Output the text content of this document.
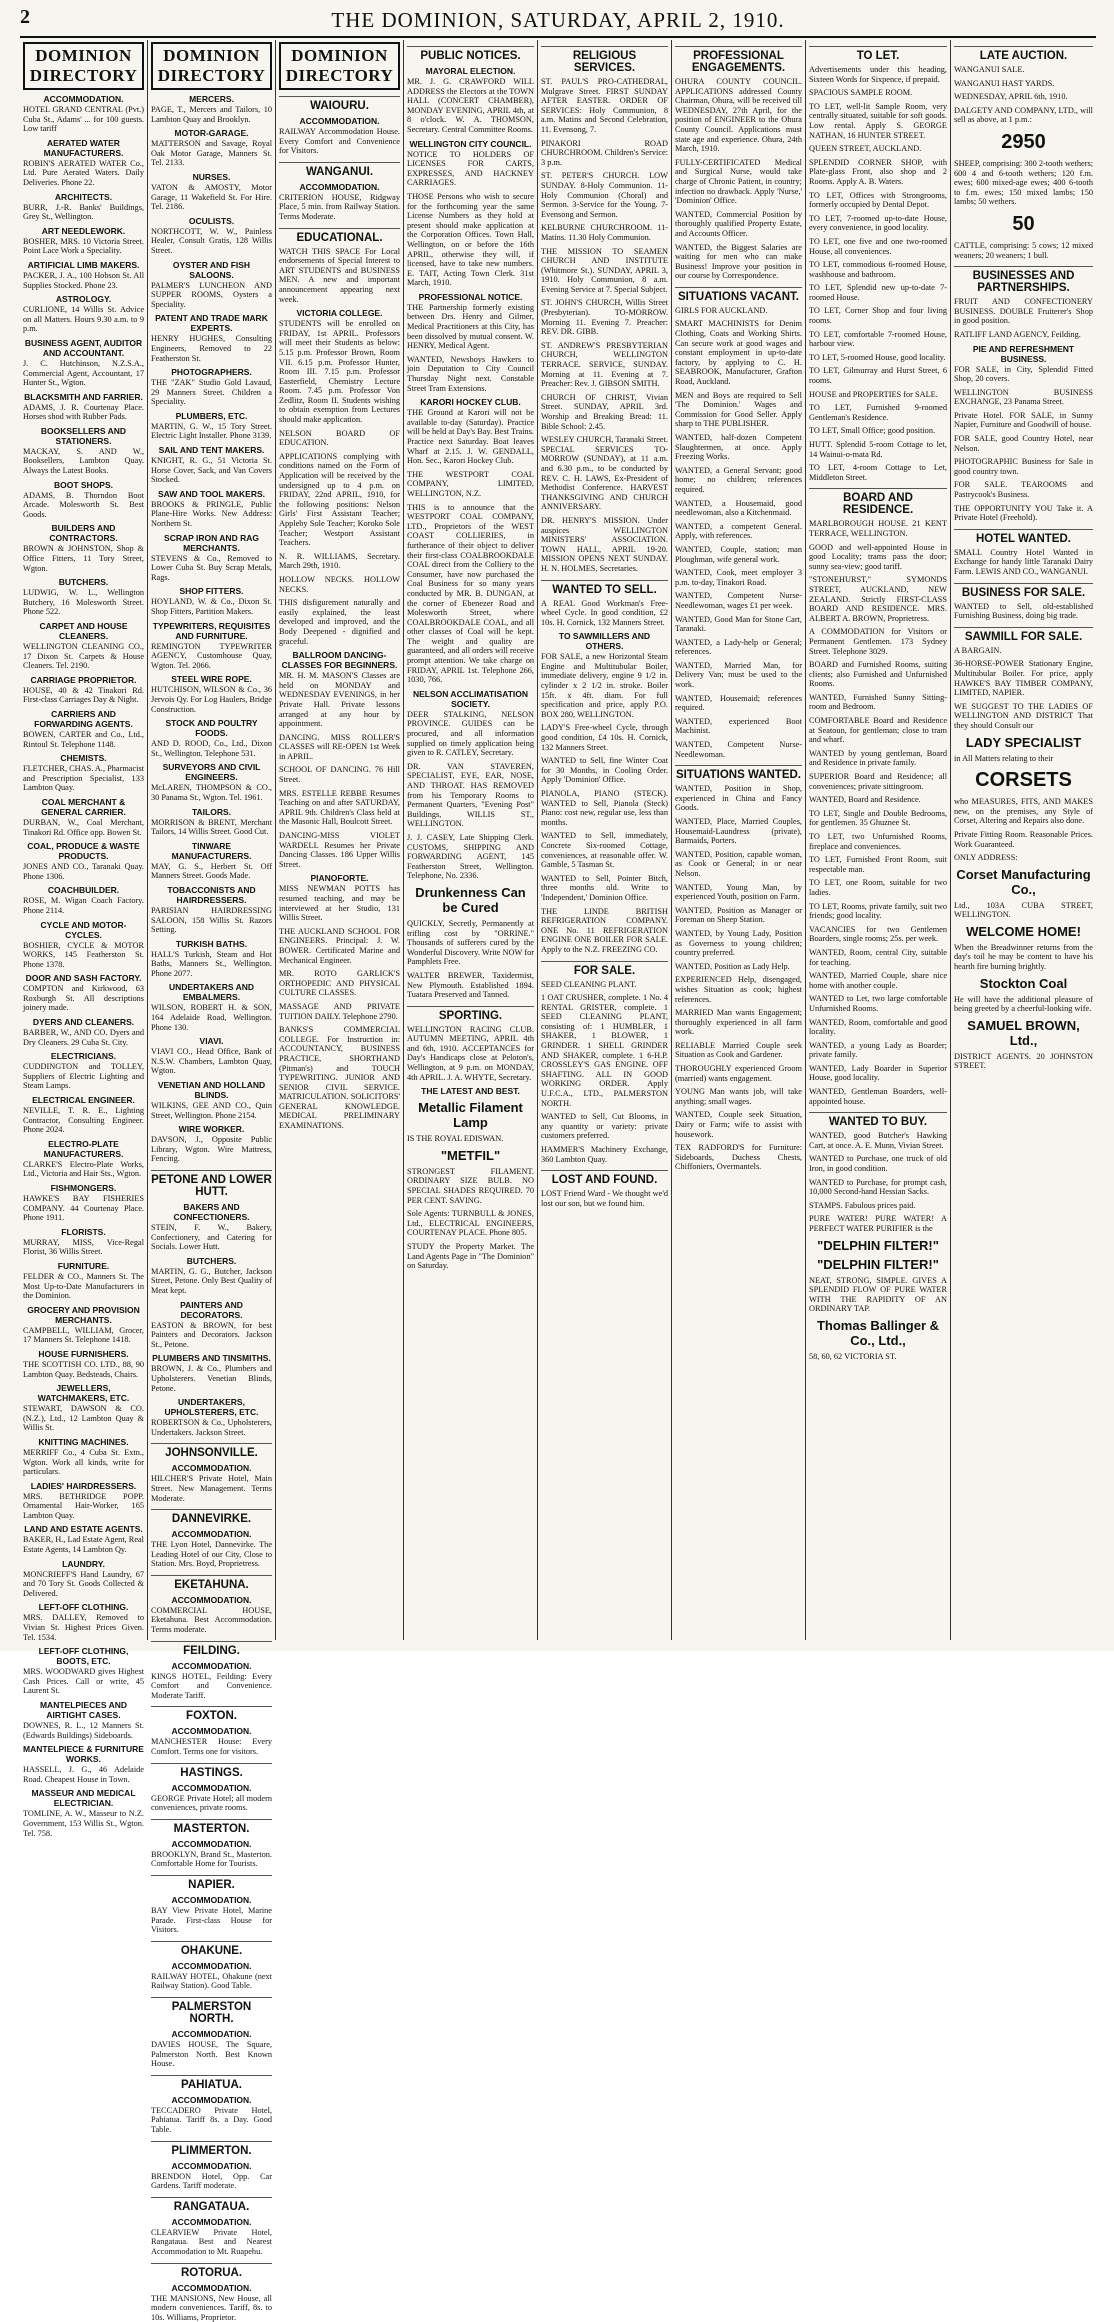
2	THE DOMINION, SATURDAY, APRIL 2, 1910.
DOMINION DIRECTORY
ACCOMMODATION.
HOTEL GRAND CENTRAL (Pvt.) Cuba St., Adams' ... for 100 guests. Low tariff
AERATED WATER MANUFACTURERS.
ROBIN'S AERATED WATER Co., Ltd. Pure Aerated Waters. Daily Deliveries. Phone 22.
ARCHITECTS.
BURR, J.-R. Banks' Buildings, Grey St., Wellington.
ART NEEDLEWORK.
BOSHER, MRS. 10 Victoria Street. Point Lace Work a Speciality.
ARTIFICIAL LIMB MAKERS.
PACKER, J. A., 100 Hobson St. All Supplies Stocked. Phone 23.
ASTROLOGY.
CURLIONE, 14 Willis St. Advice on all Matters. Hours 9.30 a.m. to 9 p.m.
BUSINESS AGENT, AUDITOR AND ACCOUNTANT.
J. C. Hutchinson, N.Z.S.A., Commercial Agent, Accountant, 17 Hunter St., Wgton.
BLACKSMITH AND FARRIER.
ADAMS, J. R. Courtenay Place. Horses shod with Rubber Pads.
BOOKSELLERS AND STATIONERS.
MACKAY, S. AND W., Booksellers, Lambton Quay. Always the Latest Books.
BOOT SHOPS.
ADAMS, B. Thorndon Boot Arcade. Molesworth St. Best Goods.
BUILDERS AND CONTRACTORS.
BROWN & JOHNSTON, Shop & Office Fitters, 11 Tory Street, Wgton.
BUTCHERS.
LUDWIG, W. L., Wellington Butchery, 16 Molesworth Street. Phone 522.
CARPET AND HOUSE CLEANERS.
WELLINGTON CLEANING CO., 17 Dixon St. Carpets & House Cleaners. Tel. 2190.
CARRIAGE PROPRIETOR.
HOUSE, 40 & 42 Tinakori Rd. First-class Carriages Day & Night.
CARRIERS AND FORWARDING AGENTS.
BOWEN, CARTER and Co., Ltd., Rintoul St. Telephone 1148.
CHEMISTS.
FLETCHER, CHAS. A., Pharmacist and Prescription Specialist, 133 Lambton Quay.
COAL MERCHANT & GENERAL CARRIER.
DURBAN, W., Coal Merchant, Tinakori Rd. Office opp. Bowen St.
COAL, PRODUCE & WASTE PRODUCTS.
JONES AND CO., Taranaki Quay. Phone 1306.
COACHBUILDER.
ROSE, M. Wigan Coach Factory. Phone 2114.
CYCLE AND MOTOR-CYCLES.
BOSHIER, CYCLE & MOTOR WORKS, 145 Featherston St. Phone 1378.
DOOR AND SASH FACTORY.
COMPTON and Kirkwood, 63 Roxburgh St. All descriptions joinery made.
DYERS AND CLEANERS.
BARBER, W., AND CO. Dyers and Dry Cleaners. 29 Cuba St. City.
ELECTRICIANS.
CUDDINGTON and TOLLEY, Suppliers of Electric Lighting and Steam Lamps.
ELECTRICAL ENGINEER.
NEVILLE, T. R. E., Lighting Contractor, Consulting Engineer. Phone 2024.
ELECTRO-PLATE MANUFACTURERS.
CLARKE'S Electro-Plate Works, Ltd., Victoria and Hair Sts., Wgton.
FISHMONGERS.
HAWKE'S BAY FISHERIES COMPANY. 44 Courtenay Place. Phone 1911.
FLORISTS.
MURRAY, MISS, Vice-Regal Florist, 36 Willis Street.
FURNITURE.
FELDER & CO., Manners St. The Most Up-to-Date Manufacturers in the Dominion.
GROCERY AND PROVISION MERCHANTS.
CAMPBELL, WILLIAM, Grocer, 17 Manners St. Telephone 1418.
HOUSE FURNISHERS.
THE SCOTTISH CO. LTD., 88, 90 Lambton Quay. Bedsteads, Chairs.
JEWELLERS, WATCHMAKERS, ETC.
STEWART, DAWSON & CO. (N.Z.), Ltd., 12 Lambton Quay & Willis St.
KNITTING MACHINES.
MERRIFF Co., 4 Cuba St. Extn., Wgton. Work all kinds, write for particulars.
LADIES' HAIRDRESSERS.
MRS. BETHRIDGE POPP. Ornamental Hair-Worker, 165 Lambton Quay.
LAND AND ESTATE AGENTS.
BAKER, H., Lad Estate Agent, Real Estate Agents, 14 Lambton Qy.
LAUNDRY.
MONCRIEFF'S Hand Laundry, 67 and 70 Tory St. Goods Collected & Delivered.
LEFT-OFF CLOTHING.
MRS. DALLEY, Removed to Vivian St. Highest Prices Given. Tel. 1534.
LEFT-OFF CLOTHING, BOOTS, ETC.
MRS. WOODWARD gives Highest Cash Prices. Call or write, 45 Laurent St.
MANTELPIECES AND AIRTIGHT CASES.
DOWNES, R. L., 12 Manners St. (Edwards Buildings) Sideboards.
MANTELPIECE & FURNITURE WORKS.
HASSELL, J. G., 46 Adelaide Road. Cheapest House in Town.
MASSEUR AND MEDICAL ELECTRICIAN.
TOMLINE, A. W., Masseur to N.Z. Government, 153 Willis St., Wgton. Tel. 758.
DOMINION DIRECTORY
MERCERS.
PAGE, T., Mercers and Tailors, 10 Lambton Quay and Brooklyn.
MOTOR-GARAGE.
MATTERSON and Savage, Royal Oak Motor Garage, Manners St. Tel. 2133.
NURSES.
VATON & AMOSTY, Motor Garage, 11 Wakefield St. For Hire. Tel. 2186.
OCULISTS.
NORTHCOTT, W. W., Painless Healer, Consult Gratis, 128 Willis Street.
OYSTER AND FISH SALOONS.
PALMER'S LUNCHEON AND SUPPER ROOMS, Oysters a Speciality.
PATENT AND TRADE MARK EXPERTS.
HENRY HUGHES, Consulting Engineers, Removed to 22 Featherston St.
PHOTOGRAPHERS.
THE "ZAK" Studio Gold Lavaud, 29 Manners Street. Children a Speciality.
PLUMBERS, ETC.
MARTIN, G. W., 15 Tory Street. Electric Light Installer. Phone 3139.
SAIL AND TENT MAKERS.
KNIGHT, R. G., 51 Victoria St. Horse Cover, Sack, and Van Covers Stocked.
SAW AND TOOL MAKERS.
BROOKS & PRINGLE, Public Plane-Hire Works. New Address: Northern St.
SCRAP IRON AND RAG MERCHANTS.
STEVENS & Co., Removed to Lower Cuba St. Buy Scrap Metals, Rags.
SHOP FITTERS.
HOYLAND, W. & Co., Dixon St. Shop Fitters, Partition Makers.
TYPEWRITERS, REQUISITES AND FURNITURE.
REMINGTON TYPEWRITER AGENCY, Customhouse Quay, Wgton. Tel. 2066.
STEEL WIRE ROPE.
HUTCHISON, WILSON & Co., 36 Jervois Qy. For Log Haulers, Bridge Construction.
STOCK AND POULTRY FOODS.
AND D. ROOD, Co., Ltd., Dixon St., Wellington. Telephone 531.
SURVEYORS AND CIVIL ENGINEERS.
McLAREN, THOMPSON & CO., 30 Panama St., Wgton. Tel. 1961.
TAILORS.
MORRISON & BRENT, Merchant Tailors, 14 Willis Street. Good Cut.
TINWARE MANUFACTURERS.
MAY, G. S., Herbert St. Off Manners Street. Goods Made.
TOBACCONISTS AND HAIRDRESSERS.
PARISIAN HAIRDRESSING SALOON, 158 Willis St. Razors Setting.
TURKISH BATHS.
HALL'S Turkish, Steam and Hot Baths, Manners St., Wellington. Phone 2077.
UNDERTAKERS AND EMBALMERS.
WILSON, ROBERT H. & SON, 164 Adelaide Road, Wellington. Phone 130.
VIAVI.
VIAVI CO., Head Office, Bank of N.S.W. Chambers, Lambton Quay, Wgton.
VENETIAN AND HOLLAND BLINDS.
WILKINS, GEE AND CO., Quin Street, Wellington. Phone 2154.
WIRE WORKER.
DAVSON, J., Opposite Public Library, Wgton. Wire Mattress, Fencing.
PETONE AND LOWER HUTT.
BAKERS AND CONFECTIONERS.
STEIN, F. W., Bakery, Confectionery, and Catering for Socials. Lower Hutt.
BUTCHERS.
MARTIN, G. G., Butcher, Jackson Street, Petone. Only Best Quality of Meat kept.
PAINTERS AND DECORATORS.
EASTON & BROWN, for best Painters and Decorators. Jackson St., Petone.
PLUMBERS AND TINSMITHS.
BROWN, J. & Co., Plumbers and Upholsterers. Venetian Blinds, Petone.
UNDERTAKERS, UPHOLSTERERS, ETC.
ROBERTSON & Co., Upholsterers, Undertakers. Jackson Street.
JOHNSONVILLE.
ACCOMMODATION.
HILCHER'S Private Hotel, Main Street. New Management. Terms Moderate.
DANNEVIRKE.
ACCOMMODATION.
THE Lyon Hotel, Dannevirke. The Leading Hotel of our City, Close to Station. Mrs. Boyd, Proprietress.
EKETAHUNA.
ACCOMMODATION.
COMMERCIAL HOUSE, Eketahuna. Best Accommodation. Terms moderate.
FEILDING.
ACCOMMODATION.
KINGS HOTEL, Feilding: Every Comfort and Convenience. Moderate Tariff.
FOXTON.
ACCOMMODATION.
MANCHESTER House: Every Comfort. Terms one for visitors.
HASTINGS.
ACCOMMODATION.
GEORGE Private Hotel; all modern conveniences, private rooms.
MASTERTON.
ACCOMMODATION.
BROOKLYN, Brand St., Masterton. Comfortable Home for Tourists.
NAPIER.
ACCOMMODATION.
BAY View Private Hotel, Marine Parade. First-class House for Visitors.
OHAKUNE.
ACCOMMODATION.
RAILWAY HOTEL, Ohakune (next Railway Station). Good Table.
PALMERSTON NORTH.
ACCOMMODATION.
DAVIES HOUSE, The Square, Palmerston North. Best Known House.
PAHIATUA.
ACCOMMODATION.
TECCADERO Private Hotel, Pahiatua. Tariff 8s. a Day. Good Table.
PLIMMERTON.
ACCOMMODATION.
BRENDON Hotel, Opp. Car Gardens. Tariff moderate.
RANGATAUA.
ACCOMMODATION.
CLEARVIEW Private Hotel, Rangataua. Best and Nearest Accommodation to Mt. Ruapehu.
ROTORUA.
ACCOMMODATION.
THE MANSIONS, New House, all modern conveniences. Tariff, 8s. to 10s. Williams, Proprietor.
DOMINION DIRECTORY
WAIOURU.
ACCOMMODATION.
RAILWAY Accommodation House. Every Comfort and Convenience for Visitors.
WANGANUI.
ACCOMMODATION.
CRITERION HOUSE, Ridgway Place, 5 min. from Railway Station. Terms Moderate.
EDUCATIONAL.
WATCH THIS SPACE For Local endorsements of Special Interest to ART STUDENTS and BUSINESS MEN. A new and important announcement appearing next week.
VICTORIA COLLEGE.
STUDENTS will be enrolled on FRIDAY, 1st APRIL. Professors will meet their Students as below: 5.15 p.m. Professor Brown, Room VII. 6.15 p.m. Professor Hunter, Room III. 7.15 p.m. Professor Easterfield, Chemistry Lecture Room. 7.45 p.m. Professor Von Zedlitz, Room II. Students wishing to obtain exemption from Lectures should make application.
NELSON BOARD OF EDUCATION.
APPLICATIONS complying with conditions named on the Form of Application will be received by the undersigned up to 4 p.m. on FRIDAY, 22nd APRIL, 1910, for the following positions: Nelson Girls' First Assistant Teacher; Appleby Sole Teacher; Koroko Sole Teacher; Westport Assistant Teachers.
N. R. WILLIAMS, Secretary. March 29th, 1910.
HOLLOW NECKS. HOLLOW NECKS.
THIS disfigurement naturally and easily explained, the least developed and improved, and the Body Deepened - dignified and graceful.
BALLROOM DANCING-CLASSES FOR BEGINNERS.
MR. H. M. MASON'S Classes are held on MONDAY and WEDNESDAY EVENINGS, in her Private Hall. Private lessons arranged at any hour by appointment.
DANCING. MISS ROLLER'S CLASSES will RE-OPEN 1st Week in APRIL.
SCHOOL OF DANCING. 76 Hill Street.
MRS. ESTELLE REBBE Resumes Teaching on and after SATURDAY, APRIL 9th. Children's Class held at the Masonic Hall, Boulcott Street.
DANCING-MISS VIOLET WARDELL Resumes her Private Dancing Classes. 186 Upper Willis Street.
PIANOFORTE.
MISS NEWMAN POTTS has resumed teaching, and may be interviewed at her Studio, 131 Willis Street.
THE AUCKLAND SCHOOL FOR ENGINEERS. Principal: J. W. BOWER. Certificated Marine and Mechanical Engineer.
MR. ROTO GARLICK'S ORTHOPEDIC AND PHYSICAL CULTURE CLASSES.
MASSAGE AND PRIVATE TUITION DAILY. Telephone 2790.
BANKS'S COMMERCIAL COLLEGE. For Instruction in: ACCOUNTANCY, BUSINESS PRACTICE, SHORTHAND (Pitman's) and TOUCH TYPEWRITING. JUNIOR AND SENIOR CIVIL SERVICE. MATRICULATION. SOLICITORS' GENERAL KNOWLEDGE. MEDICAL PRELIMINARY EXAMINATIONS.
PUBLIC NOTICES.
MAYORAL ELECTION.
MR. J. G. CRAWFORD WILL ADDRESS the Electors at the TOWN HALL (CONCERT CHAMBER), MONDAY EVENING, APRIL 4th, at 8 o'clock. W. A. THOMSON, Secretary. Central Committee Rooms.
WELLINGTON CITY COUNCIL.
NOTICE TO HOLDERS OF LICENSES FOR CARTS, EXPRESSES, AND HACKNEY CARRIAGES.
THOSE Persons who wish to secure for the forthcoming year the same License Numbers as they hold at present should make application at the Corporation Offices. Town Hall, Wellington, on or before the 16th APRIL, otherwise they will, if licensed, have to take new numbers. E. TAIT, Acting Town Clerk. 31st March, 1910.
PROFESSIONAL NOTICE.
THE Partnership formerly existing between Drs. Henry and Gilmer, Medical Practitioners at this City, has been dissolved by mutual consent. W. HENRY, Medical Agent.
WANTED, Newsboys Hawkers to join Deputation to City Council Thursday Night next. Constable Street Tram Extensions.
KARORI HOCKEY CLUB.
THE Ground at Karori will not be available to-day (Saturday). Practice will be held at Day's Bay. Best Trains. Practice next Saturday. Boat leaves Wharf at 2.15. J. W. GENDALL, Hon. Sec., Karori Hockey Club.
THE WESTPORT COAL COMPANY, LIMITED, WELLINGTON, N.Z.
THIS is to announce that the WESTPORT COAL COMPANY, LTD., Proprietors of the WEST COAST COLLIERIES, in furtherance of their object to deliver their first-class COALBROOKDALE COAL direct from the Colliery to the Consumer, have now purchased the Coal Business for so many years conducted by MR. B. DUNGAN, at the corner of Ebenezer Road and Molesworth Street, where COALBROOKDALE COAL, and all other classes of Coal will be kept. The weight and quality are guaranteed, and all orders will receive prompt attention. We take charge on FRIDAY, APRIL 1st. Telephone 266, 1030, 766.
NELSON ACCLIMATISATION SOCIETY.
DEER STALKING, NELSON PROVINCE. GUIDES can be procured, and all information supplied on timely application being given to R. CATLEY, Secretary.
DR. VAN STAVEREN, SPECIALIST, EYE, EAR, NOSE, AND THROAT. HAS REMOVED from his Temporary Rooms to Permanent Quarters, "Evening Post" Buildings, WILLIS ST., WELLINGTON.
J. J. CASEY, Late Shipping Clerk. CUSTOMS, SHIPPING AND FORWARDING AGENT, 145 Featherston Street, Wellington. Telephone, No. 2336.
Drunkenness Can be Cured
QUICKLY, Secretly, Permanently at trifling cost by "ORRINE." Thousands of sufferers cured by the Wonderful Discovery. Write NOW for Pamphlets Free.
WALTER BREWER, Taxidermist, New Plymouth. Established 1894. Tuatara Preserved and Tanned.
SPORTING.
WELLINGTON RACING CLUB. AUTUMN MEETING, APRIL 4th and 6th, 1910. ACCEPTANCES for Day's Handicaps close at Peloton's, Wellington, at 9 p.m. on MONDAY, 4th APRIL. J. A. WHYTE, Secretary.
THE LATEST AND BEST.
Metallic Filament Lamp
IS THE ROYAL EDISWAN.
"METFIL"
STRONGEST FILAMENT. ORDINARY SIZE BULB. NO SPECIAL SHADES REQUIRED. 70 PER CENT. SAVING.
Sole Agents: TURNBULL & JONES, Ltd., ELECTRICAL ENGINEERS, COURTENAY PLACE. Phone 805.
STUDY the Property Market. The Land Agents Page in "The Dominion" on Saturday.
RELIGIOUS SERVICES.
ST. PAUL'S PRO-CATHEDRAL, Mulgrave Street. FIRST SUNDAY AFTER EASTER. ORDER OF SERVICES: Holy Communion, 8 a.m. Matins and Second Celebration, 11. Evensong, 7.
PINAKORI ROAD CHURCHROOM. Children's Service: 3 p.m.
ST. PETER'S CHURCH. LOW SUNDAY. 8-Holy Communion. 11-Holy Communion (Choral) and Sermon. 3-Service for the Young. 7-Evensong and Sermon.
KELBURNE CHURCHROOM. 11-Matins. 11.30 Holy Communion.
THE MISSION TO SEAMEN CHURCH AND INSTITUTE (Whitmore St.). SUNDAY, APRIL 3, 1910. Holy Communion, 8 a.m. Evening Service at 7. Special Subject.
ST. JOHN'S CHURCH, Willis Street (Presbyterian). TO-MORROW. Morning 11. Evening 7. Preacher: REV. DR. GIBB.
ST. ANDREW'S PRESBYTERIAN CHURCH, WELLINGTON TERRACE. SERVICE, SUNDAY. Morning at 11. Evening at 7. Preacher: Rev. J. GIBSON SMITH.
CHURCH OF CHRIST, Vivian Street. SUNDAY, APRIL 3rd. Worship and Breaking Bread: 11. Bible School: 2.45.
WESLEY CHURCH, Taranaki Street. SPECIAL SERVICES TO-MORROW (SUNDAY), at 11 a.m. and 6.30 p.m., to be conducted by REV. C. H. LAWS, Ex-President of Methodist Conference. HARVEST THANKSGIVING AND CHURCH ANNIVERSARY.
DR. HENRY'S MISSION. Under auspices WELLINGTON MINISTERS' ASSOCIATION. TOWN HALL, APRIL 19-20. MISSION OPENS NEXT SUNDAY. H. N. HOLMES, Secretaries.
WANTED TO SELL.
A REAL Good Workman's Free-wheel Cycle. In good condition, £2 10s. H. Cornick, 132 Manners Street.
TO SAWMILLERS AND OTHERS.
FOR SALE, a new Horizontal Steam Engine and Multitubular Boiler, immediate delivery, engine 9 1/2 in. cylinder x 2 1/2 in. stroke. Boiler 15ft. x 4ft. diam. For full specification and price, apply P.O. BOX 280, WELLINGTON.
LADY'S Free-wheel Cycle, through good condition, £4 10s. H. Cornick, 132 Manners Street.
WANTED to Sell, fine Winter Coat for 30 Months, in Cooling Order. Apply 'Dominion' Office.
PIANOLA, PIANO (STECK). WANTED to Sell, Pianola (Steck) Piano: cost new, regular use, less than months.
WANTED to Sell, immediately, Concrete Six-roomed Cottage, conveniences, at reasonable offer. W. Gamble, 5 Tasman St.
WANTED to Sell, Pointer Bitch, three months old. Write to 'Independent,' Dominion Office.
THE LINDE BRITISH REFRIGERATION COMPANY. ONE No. 11 REFRIGERATION ENGINE ONE BOILER FOR SALE. Apply to the N.Z. FREEZING CO.
FOR SALE.
SEED CLEANING PLANT.
1 OAT CRUSHER, complete. 1 No. 4 RENTAL GRISTER, complete. 1 SEED CLEANING PLANT, consisting of: 1 HUMBLER, 1 SHAKER, 1 BLOWER, 1 GRINDER. 1 SHELL GRINDER AND SHAKER, complete. 1 6-H.P. CROSSLEY'S GAS ENGINE. OFF SHAFTING. ALL IN GOOD WORKING ORDER. Apply U.F.C.A., LTD., PALMERSTON NORTH.
WANTED to Sell, Cut Blooms, in any quantity or variety: private customers preferred.
HAMMER'S Machinery Exchange, 360 Lambton Quay.
LOST AND FOUND.
LOST Friend Ward - We thought we'd lost our son, but we found him.
PROFESSIONAL ENGAGEMENTS.
OHURA COUNTY COUNCIL. APPLICATIONS addressed County Chairman, Ohura, will be received till WEDNESDAY, 27th April, for the position of ENGINEER to the Ohura County Council. Applications must state age and experience. Ohura, 24th March, 1910.
FULLY-CERTIFICATED Medical and Surgical Nurse, would take charge of Chronic Patient, in country; infection no drawback. Apply 'Nurse,' 'Dominion' Office.
WANTED, Commercial Position by thoroughly qualified Property Estate, and Accounts Officer.
WANTED, the Biggest Salaries are waiting for men who can make Business! Improve your position in our course by Correspondence.
SITUATIONS VACANT.
GIRLS FOR AUCKLAND.
SMART MACHINISTS for Denim Clothing, Coats and Working Shirts. Can secure work at good wages and constant employment in up-to-date factory, by applying to C. H. SEABROOK, Manufacturer, Grafton Road, Auckland.
MEN and Boys are required to Sell 'The Dominion.' Wages and Commission for Good Seller. Apply sharp to THE PUBLISHER.
WANTED, half-dozen Competent Slaughtermen, at once. Apply Freezing Works.
WANTED, a General Servant; good home; no children; references required.
WANTED, a Housemaid, good needlewoman, also a Kitchenmaid.
WANTED, a competent General. Apply, with references.
WANTED, Couple, station; man Ploughman, wife general work.
WANTED, Cook, meet employer 3 p.m. to-day, Tinakori Road.
WANTED, Competent Nurse-Needlewoman, wages £1 per week.
WANTED, Good Man for Stone Cart, Taranaki.
WANTED, a Lady-help or General; references.
WANTED, Married Man, for Delivery Van; must be used to the work.
WANTED, Housemaid; references required.
WANTED, experienced Boot Machinist.
WANTED, Competent Nurse-Needlewoman.
SITUATIONS WANTED.
WANTED, Position in Shop, experienced in China and Fancy Goods.
WANTED, Place, Married Couples, Housemaid-Laundress (private), Barmaids, Porters.
WANTED, Position, capable woman, as Cook or General; in or near Nelson.
WANTED, Young Man, by experienced Youth, position on Farm.
WANTED, Position as Manager or Foreman on Sheep Station.
WANTED, by Young Lady, Position as Governess to young children; country preferred.
WANTED, Position as Lady Help.
EXPERIENCED Help, disengaged, wishes Situation as cook; highest references.
MARRIED Man wants Engagement; thoroughly experienced in all farm work.
RELIABLE Married Couple seek Situation as Cook and Gardener.
THOROUGHLY experienced Groom (married) wants engagement.
YOUNG Man wants job, will take anything; small wages.
WANTED, Couple seek Situation, Dairy or Farm; wife to assist with housework.
TEX RADFORD'S for Furniture: Sideboards, Duchess Chests, Chiffoniers, Overmantels.
TO LET.
Advertisements under this heading, Sixteen Words for Sixpence, if prepaid.
SPACIOUS SAMPLE ROOM.
TO LET, well-lit Sample Room, very centrally situated, suitable for soft goods. Low rental. Apply S. GEORGE NATHAN, 16 HUNTER STREET.
QUEEN STREET, AUCKLAND.
SPLENDID CORNER SHOP, with Plate-glass Front, also shop and 2 Rooms. Apply A. B. Waters.
TO LET, Offices with Strongrooms, formerly occupied by Dental Depot.
TO LET, 7-roomed up-to-date House, every convenience, in good locality.
TO LET, one five and one two-roomed House, all conveniences.
TO LET, commodious 6-roomed House, washhouse and bathroom.
TO LET, Splendid new up-to-date 7-roomed House.
TO LET, Corner Shop and four living rooms.
TO LET, comfortable 7-roomed House, harbour view.
TO LET, 5-roomed House, good locality.
TO LET, Gilmurray and Hurst Street, 6 rooms.
HOUSE and PROPERTIES for SALE.
TO LET, Furnished 9-roomed Gentleman's Residence.
TO LET, Small Office; good position.
HUTT. Splendid 5-room Cottage to let, 14 Wainui-o-mata Rd.
TO LET, 4-room Cottage to Let, Middleton Street.
BOARD AND RESIDENCE.
MARLBOROUGH HOUSE. 21 KENT TERRACE, WELLINGTON.
GOOD and well-appointed House in good Locality; trams pass the door; sunny sea-view; good tariff.
"STONEHURST," SYMONDS STREET, AUCKLAND, NEW ZEALAND. Strictly FIRST-CLASS BOARD AND RESIDENCE. MRS. ALBERT A. BROWN, Proprietress.
A COMMODATION for Visitors or Permanent Gentlemen. 173 Sydney Street. Telephone 3029.
BOARD and Furnished Rooms, suiting clients; also Furnished and Unfurnished Rooms.
WANTED, Furnished Sunny Sitting-room and Bedroom.
COMFORTABLE Board and Residence at Seatoun, for gentleman; close to tram and wharf.
WANTED by young gentleman, Board and Residence in private family.
SUPERIOR Board and Residence; all conveniences; private sittingroom.
WANTED, Board and Residence.
TO LET, Single and Double Bedrooms, for gentlemen. 35 Ghuznee St.
TO LET, two Unfurnished Rooms, fireplace and conveniences.
TO LET, Furnished Front Room, suit respectable man.
TO LET, one Room, suitable for two ladies.
TO LET, Rooms, private family, suit two friends; good locality.
VACANCIES for two Gentlemen Boarders, single rooms; 25s. per week.
WANTED, Room, central City, suitable for teaching.
WANTED, Married Couple, share nice home with another couple.
WANTED to Let, two large comfortable Unfurnished Rooms.
WANTED, Room, comfortable and good locality.
WANTED, a young Lady as Boarder; private family.
WANTED, Lady Boarder in Superior House, good locality.
WANTED, Gentleman Boarders, well-appointed house.
WANTED TO BUY.
WANTED, good Butcher's Hawking Cart, at once. A. E. Munn, Vivian Street.
WANTED to Purchase, one truck of old Iron, in good condition.
WANTED to Purchase, for prompt cash, 10,000 Second-hand Hessian Sacks.
STAMPS. Fabulous prices paid.
PURE WATER! PURE WATER! A PERFECT WATER PURIFIER is the
"DELPHIN FILTER!"
"DELPHIN FILTER!"
NEAT, STRONG, SIMPLE. GIVES A SPLENDID FLOW OF PURE WATER WITH THE RAPIDITY OF AN ORDINARY TAP.
Thomas Ballinger & Co., Ltd.,
58, 60, 62 VICTORIA ST.
LATE AUCTION.
WANGANUI SALE.
WANGANUI HAST YARDS.
WEDNESDAY, APRIL 6th, 1910.
DALGETY AND COMPANY, LTD., will sell as above, at 1 p.m.:
2950
SHEEP, comprising: 300 2-tooth wethers; 600 4 and 6-tooth wethers; 120 f.m. ewes; 600 mixed-age ewes; 400 6-tooth to f.m. ewes; 150 mixed lambs; 150 lambs; 50 wethers.
50
CATTLE, comprising: 5 cows; 12 mixed weaners; 20 weaners; 1 bull.
BUSINESSES AND PARTNERSHIPS.
FRUIT AND CONFECTIONERY BUSINESS. DOUBLE Fruiterer's Shop in good position.
RATLIFF LAND AGENCY, Feilding.
PIE AND REFRESHMENT BUSINESS.
FOR SALE, in City, Splendid Fitted Shop, 20 covers.
WELLINGTON BUSINESS EXCHANGE, 23 Panama Street.
Private Hotel. FOR SALE, in Sunny Napier, Furniture and Goodwill of house.
FOR SALE, good Country Hotel, near Nelson.
PHOTOGRAPHIC Business for Sale in good country town.
FOR SALE. TEAROOMS and Pastrycook's Business.
THE OPPORTUNITY YOU Take it. A Private Hotel (Freehold).
HOTEL WANTED.
SMALL Country Hotel Wanted in Exchange for handy little Taranaki Dairy Farm. LEWIS AND CO., WANGANUI.
BUSINESS FOR SALE.
WANTED to Sell, old-established Furnishing Business, doing big trade.
SAWMILL FOR SALE.
A BARGAIN.
36-HORSE-POWER Stationary Engine, Multitubular Boiler. For price, apply HAWKE'S BAY TIMBER COMPANY, LIMITED, NAPIER.
WE SUGGEST TO THE LADIES OF WELLINGTON AND DISTRICT That they should Consult our
LADY SPECIALIST
in All Matters relating to their
CORSETS
who MEASURES, FITS, AND MAKES new, on the premises, any Style of Corset, Altering and Repairs also done.
Private Fitting Room. Reasonable Prices. Work Guaranteed.
ONLY ADDRESS:
Corset Manufacturing Co.,
Ltd., 103A CUBA STREET, WELLINGTON.
WELCOME HOME!
When the Breadwinner returns from the day's toil he may be content to have his hearth fire burning brightly.
Stockton Coal
He will have the additional pleasure of being greeted by a cheerful-looking wife.
SAMUEL BROWN, Ltd.,
DISTRICT AGENTS. 20 JOHNSTON STREET.
